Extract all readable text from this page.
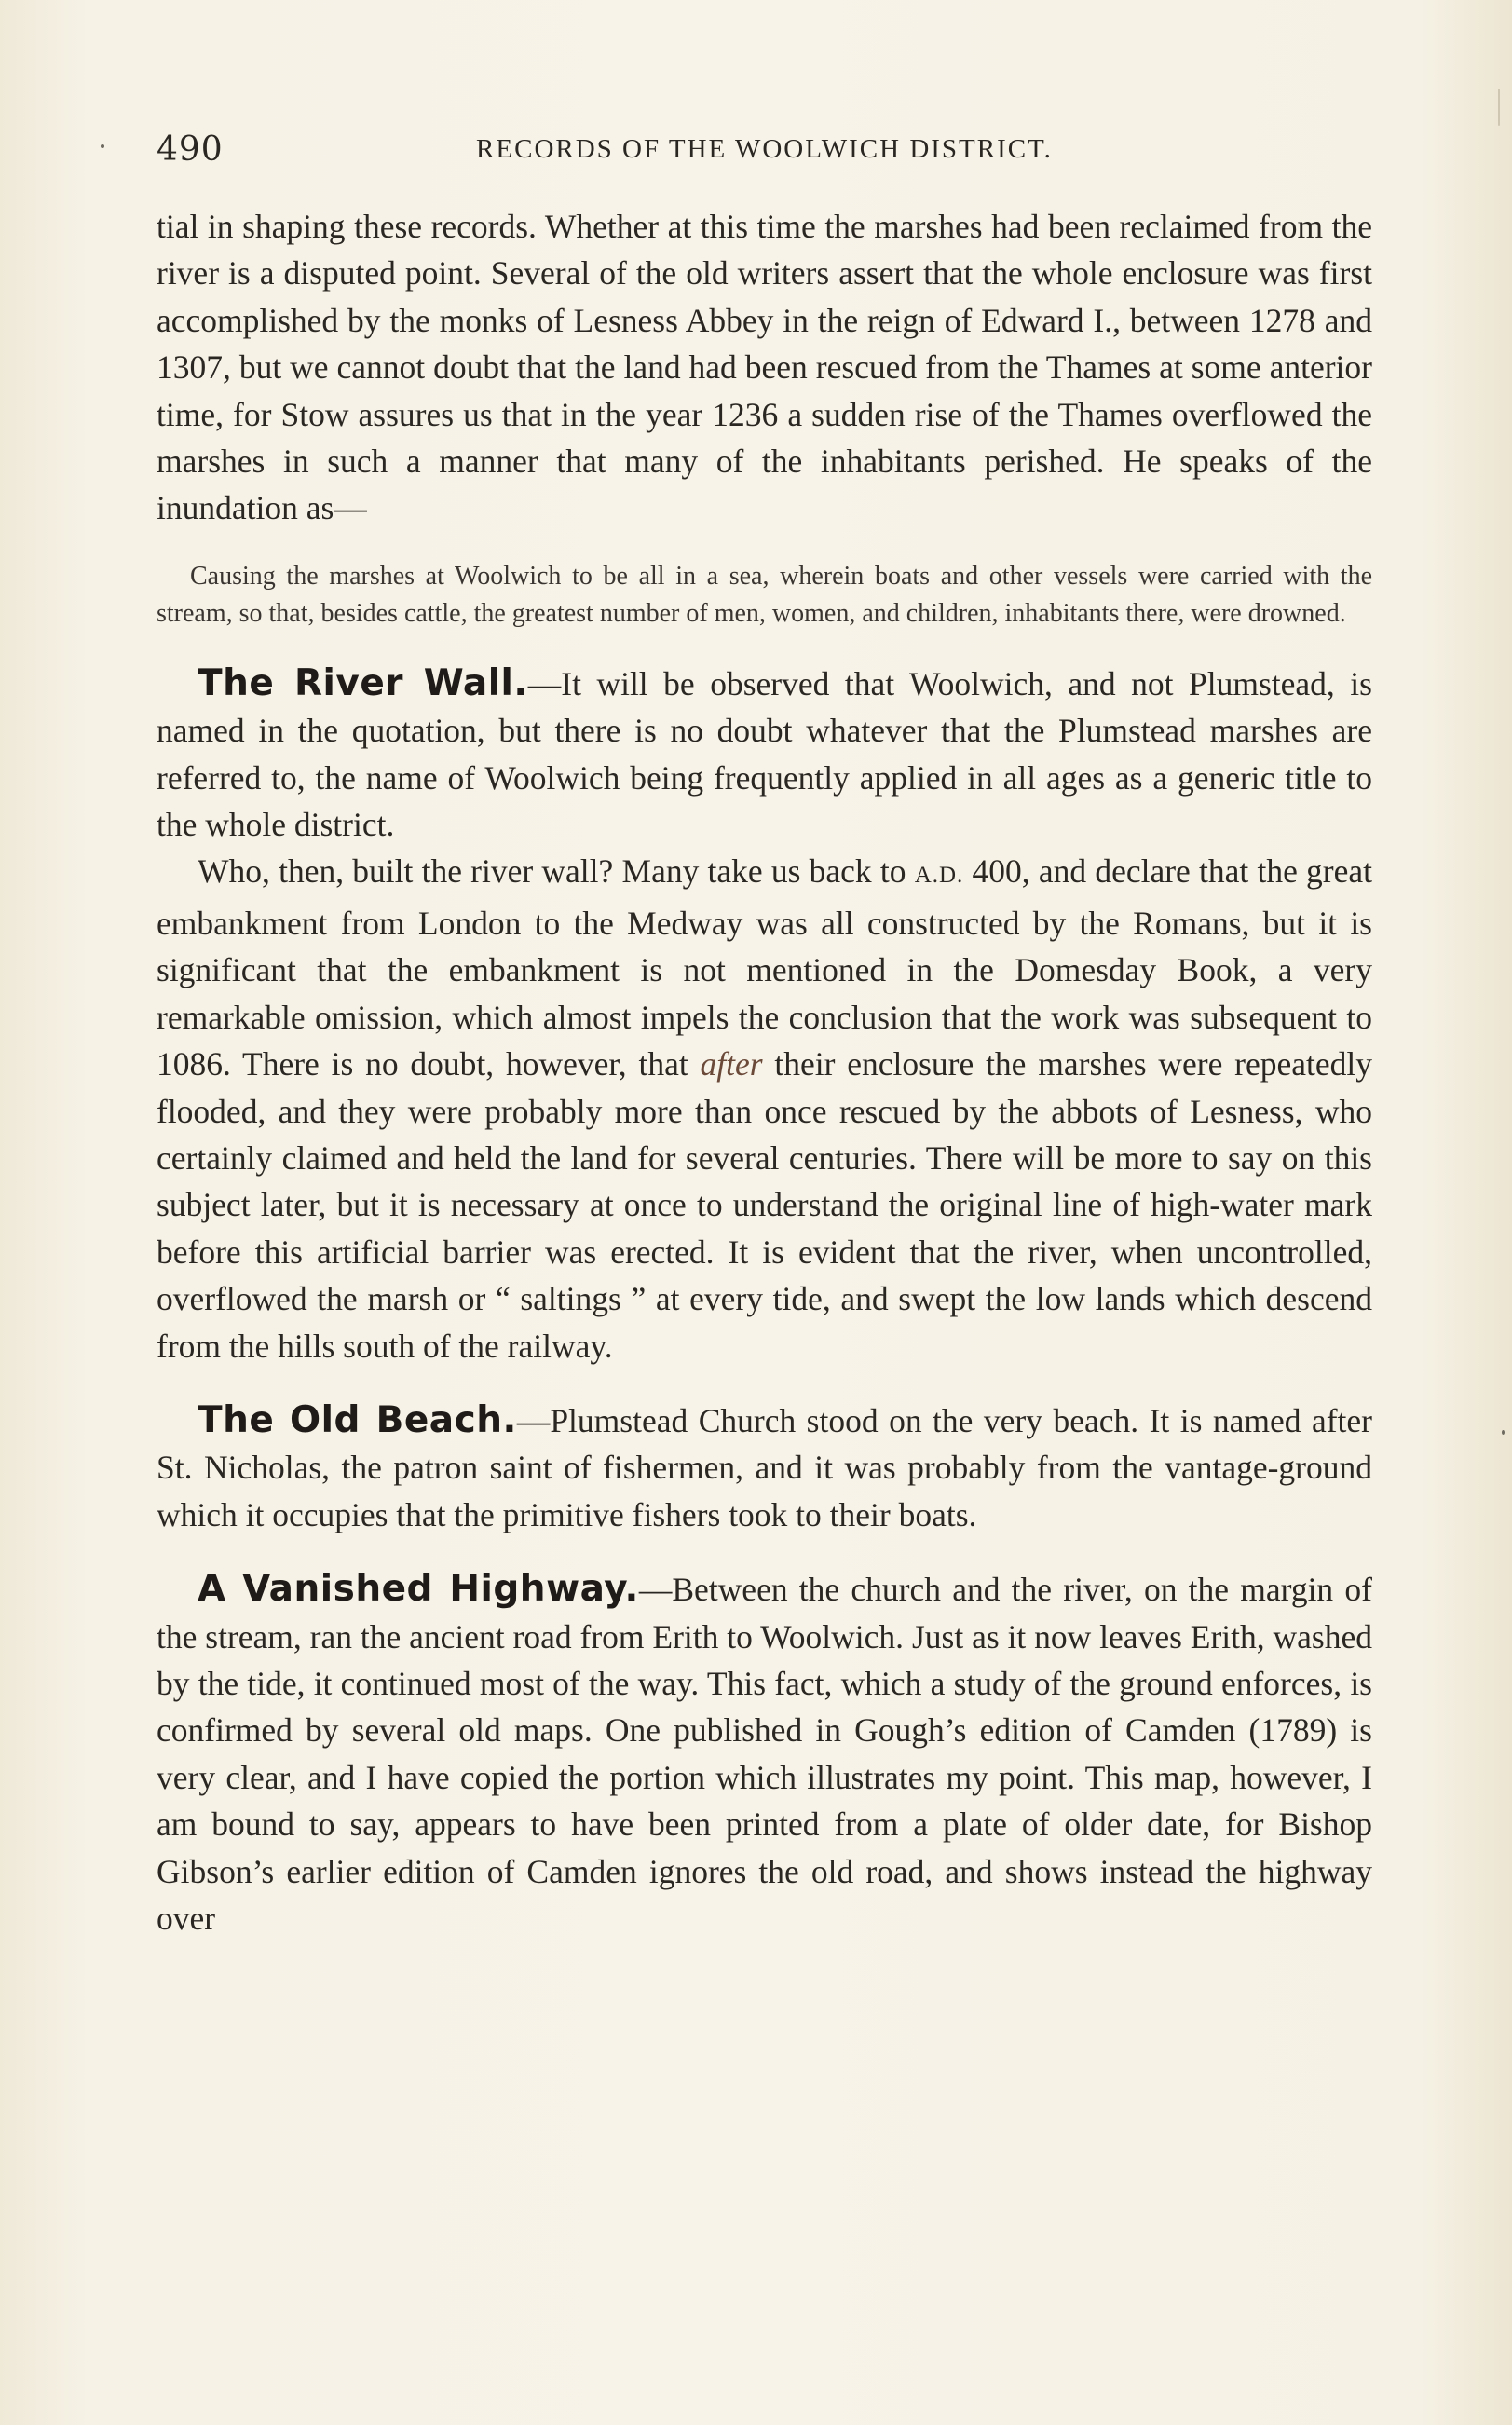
490	RECORDS OF THE WOOLWICH DISTRICT.

tial in shaping these records. Whether at this time the marshes had been reclaimed from the river is a disputed point. Several of the old writers assert that the whole enclosure was first accomplished by the monks of Lesness Abbey in the reign of Edward I., between 1278 and 1307, but we cannot doubt that the land had been rescued from the Thames at some anterior time, for Stow assures us that in the year 1236 a sudden rise of the Thames overflowed the marshes in such a manner that many of the inhabitants perished. He speaks of the inundation as—

Causing the marshes at Woolwich to be all in a sea, wherein boats and other vessels were carried with the stream, so that, besides cattle, the greatest number of men, women, and children, inhabitants there, were drowned.

The River Wall.—It will be observed that Woolwich, and not Plumstead, is named in the quotation, but there is no doubt whatever that the Plumstead marshes are referred to, the name of Woolwich being frequently applied in all ages as a generic title to the whole district.

Who, then, built the river wall? Many take us back to A.D. 400, and declare that the great embankment from London to the Medway was all constructed by the Romans, but it is significant that the embankment is not mentioned in the Domesday Book, a very remarkable omission, which almost impels the conclusion that the work was subsequent to 1086. There is no doubt, however, that after their enclosure the marshes were repeatedly flooded, and they were probably more than once rescued by the abbots of Lesness, who certainly claimed and held the land for several centuries. There will be more to say on this subject later, but it is necessary at once to understand the original line of high-water mark before this artificial barrier was erected. It is evident that the river, when uncontrolled, overflowed the marsh or “ saltings ” at every tide, and swept the low lands which descend from the hills south of the railway.

The Old Beach.—Plumstead Church stood on the very beach. It is named after St. Nicholas, the patron saint of fishermen, and it was probably from the vantage-ground which it occupies that the primitive fishers took to their boats.

A Vanished Highway.—Between the church and the river, on the margin of the stream, ran the ancient road from Erith to Woolwich. Just as it now leaves Erith, washed by the tide, it continued most of the way. This fact, which a study of the ground enforces, is confirmed by several old maps. One published in Gough’s edition of Camden (1789) is very clear, and I have copied the portion which illustrates my point. This map, however, I am bound to say, appears to have been printed from a plate of older date, for Bishop Gibson’s earlier edition of Camden ignores the old road, and shows instead the highway over
